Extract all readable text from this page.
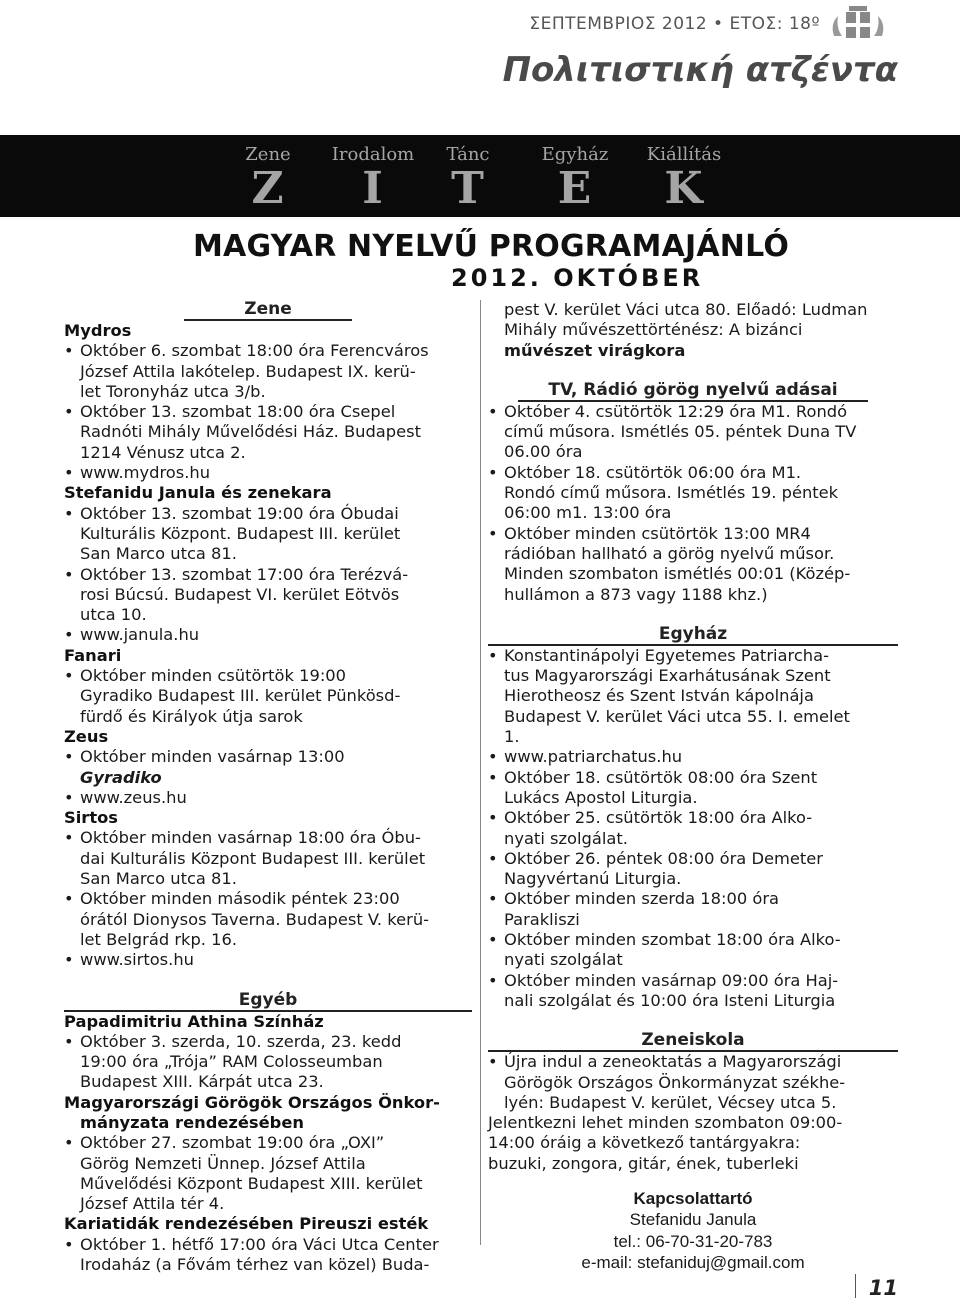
ΣΕΠΤΕΜΒΡΙΟΣ 2012 • ΕΤΟΣ: 18º
Πολιτιστική ατζέντα
Zene
Z
Irodalom
I
Tánc
T
Egyház
E
Kiállítás
K
MAGYAR NYELVŰ PROGRAMAJÁNLÓ
2012. OKTÓBER
Zene
Mydros
• Október 6. szombat 18:00 óra Ferencváros
József Attila lakótelep. Budapest IX. kerü-
let Toronyház utca 3/b.
• Október 13. szombat 18:00 óra Csepel
Radnóti Mihály Művelődési Ház. Budapest
1214 Vénusz utca 2.
• www.mydros.hu
Stefanidu Janula és zenekara
• Október 13. szombat 19:00 óra Óbudai
Kulturális Központ. Budapest III. kerület
San Marco utca 81.
• Október 13. szombat 17:00 óra Terézvá-
rosi Búcsú. Budapest VI. kerület Eötvös
utca 10.
• www.janula.hu
Fanari
• Október minden csütörtök 19:00
Gyradiko Budapest III. kerület Pünkösd-
fürdő és Királyok útja sarok
Zeus
• Október minden vasárnap 13:00
Gyradiko
• www.zeus.hu
Sirtos
• Október minden vasárnap 18:00 óra Óbu-
dai Kulturális Központ Budapest III. kerület
San Marco utca 81.
• Október minden második péntek 23:00
órától Dionysos Taverna. Budapest V. kerü-
let Belgrád rkp. 16.
• www.sirtos.hu
Egyéb
Papadimitriu Athina Színház
• Október 3. szerda, 10. szerda, 23. kedd
19:00 óra „Trója” RAM Colosseumban
Budapest XIII. Kárpát utca 23.
Magyarországi Görögök Országos Önkor-
mányzata rendezésében
• Október 27. szombat 19:00 óra „OXI”
Görög Nemzeti Ünnep. József Attila
Művelődési Központ Budapest XIII. kerület
József Attila tér 4.
Kariatidák rendezésében Pireuszi esték
• Október 1. hétfő 17:00 óra Váci Utca Center
Irodaház (a Fővám térhez van közel) Buda-
pest V. kerület Váci utca 80. Előadó: Ludman
Mihály művészettörténész: A bizánci
művészet virágkora
TV, Rádió görög nyelvű adásai
• Október 4. csütörtök 12:29 óra M1. Rondó
című műsora. Ismétlés 05. péntek Duna TV
06.00 óra
• Október 18. csütörtök 06:00 óra M1.
Rondó című műsora. Ismétlés 19. péntek
06:00 m1. 13:00 óra
• Október minden csütörtök 13:00 MR4
rádióban hallható a görög nyelvű műsor.
Minden szombaton ismétlés 00:01 (Közép-
hullámon a 873 vagy 1188 khz.)
Egyház
• Konstantinápolyi Egyetemes Patriarcha-
tus Magyarországi Exarhátusának Szent
Hierotheosz és Szent István kápolnája
Budapest V. kerület Váci utca 55. I. emelet
1.
• www.patriarchatus.hu
• Október 18. csütörtök 08:00 óra Szent
Lukács Apostol Liturgia.
• Október 25. csütörtök 18:00 óra Alko-
nyati szolgálat.
• Október 26. péntek 08:00 óra Demeter
Nagyvértanú Liturgia.
• Október minden szerda 18:00 óra
Parakliszi
• Október minden szombat 18:00 óra Alko-
nyati szolgálat
• Október minden vasárnap 09:00 óra Haj-
nali szolgálat és 10:00 óra Isteni Liturgia
Zeneiskola
• Újra indul a zeneoktatás a Magyarországi
Görögök Országos Önkormányzat székhe-
lyén: Budapest V. kerület, Vécsey utca 5.
Jelentkezni lehet minden szombaton 09:00-
14:00 óráig a következő tantárgyakra:
buzuki, zongora, gitár, ének, tuberleki
Kapcsolattartó
Stefanidu Janula
tel.: 06-70-31-20-783
e-mail: stefaniduj@gmail.com
11
